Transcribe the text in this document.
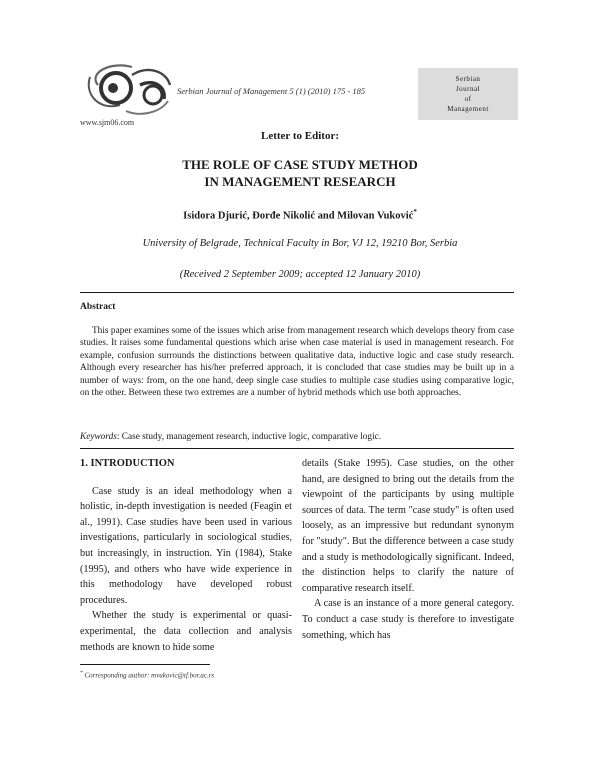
www.sjm06.com
Serbian Journal of Management 5 (1) (2010) 175 - 185
Serbian
Journal
of
Management
Letter to Editor:
THE ROLE OF CASE STUDY METHOD
IN MANAGEMENT RESEARCH
Isidora Djurić, Đorđe Nikolić and Milovan Vuković*
University of Belgrade, Technical Faculty in Bor, VJ 12, 19210 Bor, Serbia
(Received 2 September 2009; accepted 12 January 2010)
Abstract
This paper examines some of the issues which arise from management research which develops theory from case studies. It raises some fundamental questions which arise when case material is used in management research. For example, confusion surrounds the distinctions between qualitative data, inductive logic and case study research. Although every researcher has his/her preferred approach, it is concluded that case studies may be built up in a number of ways: from, on the one hand, deep single case studies to multiple case studies using comparative logic, on the other. Between these two extremes are a number of hybrid methods which use both approaches.
Keywords: Case study, management research, inductive logic, comparative logic.
1. INTRODUCTION

Case study is an ideal methodology when a holistic, in-depth investigation is needed (Feagin et al., 1991). Case studies have been used in various investigations, particularly in sociological studies, but increasingly, in instruction. Yin (1984), Stake (1995), and others who have wide experience in this methodology have developed robust procedures.

Whether the study is experimental or quasi-experimental, the data collection and analysis methods are known to hide some

details (Stake 1995). Case studies, on the other hand, are designed to bring out the details from the viewpoint of the participants by using multiple sources of data. The term "case study" is often used loosely, as an impressive but redundant synonym for "study". But the difference between a case study and a study is methodologically significant. Indeed, the distinction helps to clarify the nature of comparative research itself.

A case is an instance of a more general category. To conduct a case study is therefore to investigate something, which has

* Corresponding author: mvukovic@tf.bor.ac.rs
